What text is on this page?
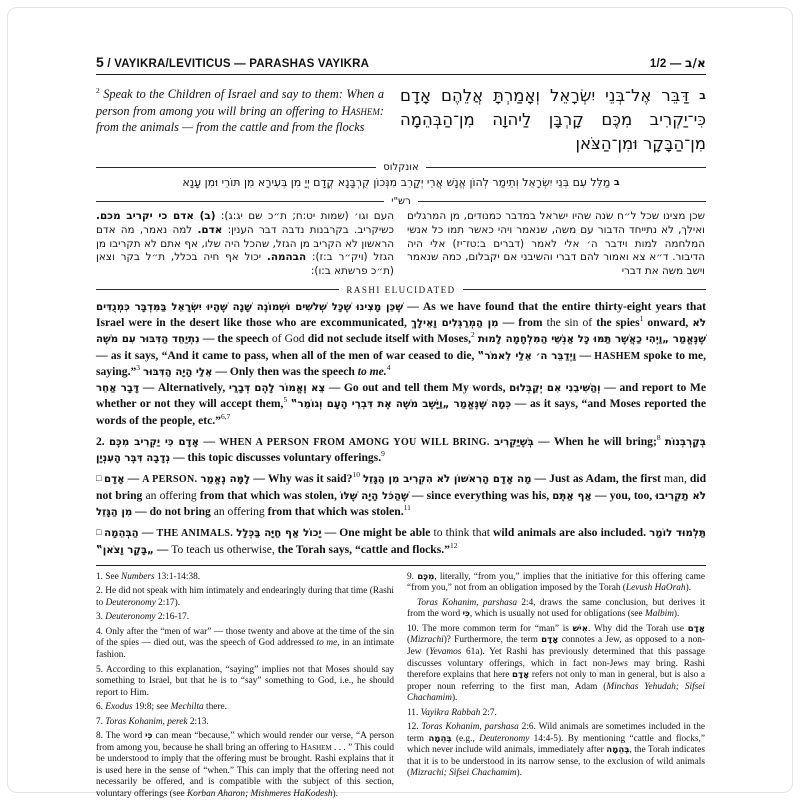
5 / VAYIKRA/LEVITICUS — PARASHAS VAYIKRA	1/2 — א/ב
$^2$ Speak to the Children of Israel and say to them: When a person from among you will bring an offering to Hashem: from the animals — from the cattle and from the flocks
ב דַּבֵּר אֶל־בְּנֵי יִשְׂרָאֵל וְאָמַרְתָּ אֲלֵהֶם אָדָם כִּי־יַקְרִיב מִכֶּם קָרְבָּן לַיהוָה מִן־הַבְּהֵמָה מִן־הַבָּקָר וּמִן־הַצֹּאן
אונקלוס
ב מַלֵּל עִם בְּנֵי יִשְׂרָאֵל וְתֵימַר לְהוֹן אֱנָשׁ אֲרֵי יְקָרֵב מִנְּכוֹן קֻרְבָּנָא קֳדָם יְיָ מִן בְּעִירָא מִן תּוֹרֵי וּמִן עָנָא
רש"י
העם וגו׳ (שמות יט:ח; ת״כ שם יג:ג): (ב) אדם כי יקריב מכם. כשיקריב. בקרבנות נדבה דבר הענין: אדם. למה נאמר, מה אדם הראשון לא הקריב מן הגזל, שהכל היה שלו, אף אתם לא תקריבו מן הגזל (ויק״ר ב:ז): הבהמה. יכול אף חיה בכלל, ת״ל בקר וצאן (ת״כ פרשתא ב:ו):
שכן מצינו שכל ל״ח שנה שהיו ישראל במדבר כמנודים, מן המרגלים ואילך, לא נתייחד הדבור עם משה, שנאמר ויהי כאשר תמו כל אנשי המלחמה למות וידבר ה׳ אלי לאמר (דברים ב:טז־יז) אלי היה הדיבור. ד״א צא ואמור להם דברי והשיבני אם יקבלום, כמה שנאמר וישב משה את דברי
RASHI ELUCIDATED
שֶׁכֵּן מָצִינוּ שֶׁכָּל שְׁלֹשִׁים וּשְׁמוֹנֶה שָׁנָה שֶׁהָיוּ יִשְׂרָאֵל בַּמִּדְבָּר כִּמְנֻדִּים — As we have found that the entire thirty-eight years that Israel were in the desert like those who are excommunicated, מִן הַמְרַגְּלִים וָאֵילָךְ — from the sin of the spies$^1$ onward, לֹא נִתְיַחֵד הַדִּבּוּר עִם מֹשֶׁה — the speech of God did not seclude itself with Moses,$^2$ שֶׁנֶּאֱמַר „וַיְהִי כַאֲשֶׁר תַּמּוּ כָּל אַנְשֵׁי הַמִּלְחָמָה לָמוּת — as it says, “And it came to pass, when all of the men of war ceased to die, וַיְדַבֵּר ה׳ אֵלַי לֵאמֹר‟ — HASHEM spoke to me, saying.”$^3$ אֵלַי הָיָה הַדִּבּוּר — Only then was the speech to me.$^4$
דָּבָר אַחֵר — Alternatively, צֵא וֶאֱמוֹר לָהֶם דְּבָרַי — Go out and tell them My words, וְהַשִּׁיבֵנִי אִם יְקַבְּלוּם — and report to Me whether or not they will accept them,$^5$ כְּמָה שֶׁנֶּאֱמַר „וַיָּשֶׁב מֹשֶׁה אֶת דִּבְרֵי הָעָם וְגוֹמֵר‟ — as it says, “and Moses reported the words of the people, etc.”$^{6,7}$
2. אָדָם כִּי יַקְרִיב מִכֶּם — WHEN A PERSON FROM AMONG YOU WILL BRING. בְּשֶׁיַּקְרִיב — When he will bring;$^8$ בְּקָרְבְּנוֹת נְדָבָה דִּבֶּר הָעִנְיָן — this topic discusses voluntary offerings.$^9$
□ אָדָם — A PERSON. לָמָּה נֶאֱמַר — Why was it said?$^{10}$ מָה אָדָם הָרִאשׁוֹן לֹא הִקְרִיב מִן הַגָּזֵל — Just as Adam, the first man, did not bring an offering from that which was stolen, שֶׁהַכֹּל הָיָה שֶׁלּוֹ — since everything was his, אַף אַתֶּם — you, too, לֹא תַקְרִיבוּ מִן הַגָּזֵל — do not bring an offering from that which was stolen.$^{11}$
□ הַבְּהֵמָה — THE ANIMALS. יָכוֹל אַף חַיָּה בַּכְּלָל — One might be able to think that wild animals are also included. תַּלְמוּד לוֹמַר „בָּקָר וָצֹאן‟ — To teach us otherwise, the Torah says, “cattle and flocks.”$^{12}$

1. See Numbers 13:1-14:38.

2. He did not speak with him intimately and endearingly during that time (Rashi to Deuteronomy 2:17).

3. Deuteronomy 2:16-17.

4. Only after the “men of war” — those twenty and above at the time of the sin of the spies — died out, was the speech of God addressed to me, in an intimate fashion.

5. According to this explanation, “saying” implies not that Moses should say something to Israel, but that he is to “say” something to God, i.e., he should report to Him.

6. Exodus 19:8; see Mechilta there.

7. Toras Kohanim, perek 2:13.

8. The word כִּי can mean “because,” which would render our verse, “A person from among you, because he shall bring an offering to Hashem . . . ” This could be understood to imply that the offering must be brought. Rashi explains that it is used here in the sense of “when.” This can imply that the offering need not necessarily be offered, and is compatible with the subject of this section, voluntary offerings (see Korban Aharon; Mishmeres HaKodesh).

9. מִכֶּם, literally, “from you,” implies that the initiative for this offering came “from you,” not from an obligation imposed by the Torah (Levush HaOrah).

Toras Kohanim, parshasa 2:4, draws the same conclusion, but derives it from the word כִּי, which is usually not used for obligations (see Malbim).

10. The more common term for “man” is אִישׁ. Why did the Torah use אָדָם (Mizrachi)? Furthermore, the term אָדָם connotes a Jew, as opposed to a non-Jew (Yevamos 61a). Yet Rashi has previously determined that this passage discusses voluntary offerings, which in fact non-Jews may bring. Rashi therefore explains that here אָדָם refers not only to man in general, but is also a proper noun referring to the first man, Adam (Minchas Yehudah; Sifsei Chachamim).

11. Vayikra Rabbah 2:7.

12. Toras Kohanim, parshasa 2:6. Wild animals are sometimes included in the term בְּהֵמָה (e.g., Deuteronomy 14:4-5). By mentioning “cattle and flocks,” which never include wild animals, immediately after בְּהֵמָה, the Torah indicates that it is to be understood in its narrow sense, to the exclusion of wild animals (Mizrachi; Sifsei Chachamim).
